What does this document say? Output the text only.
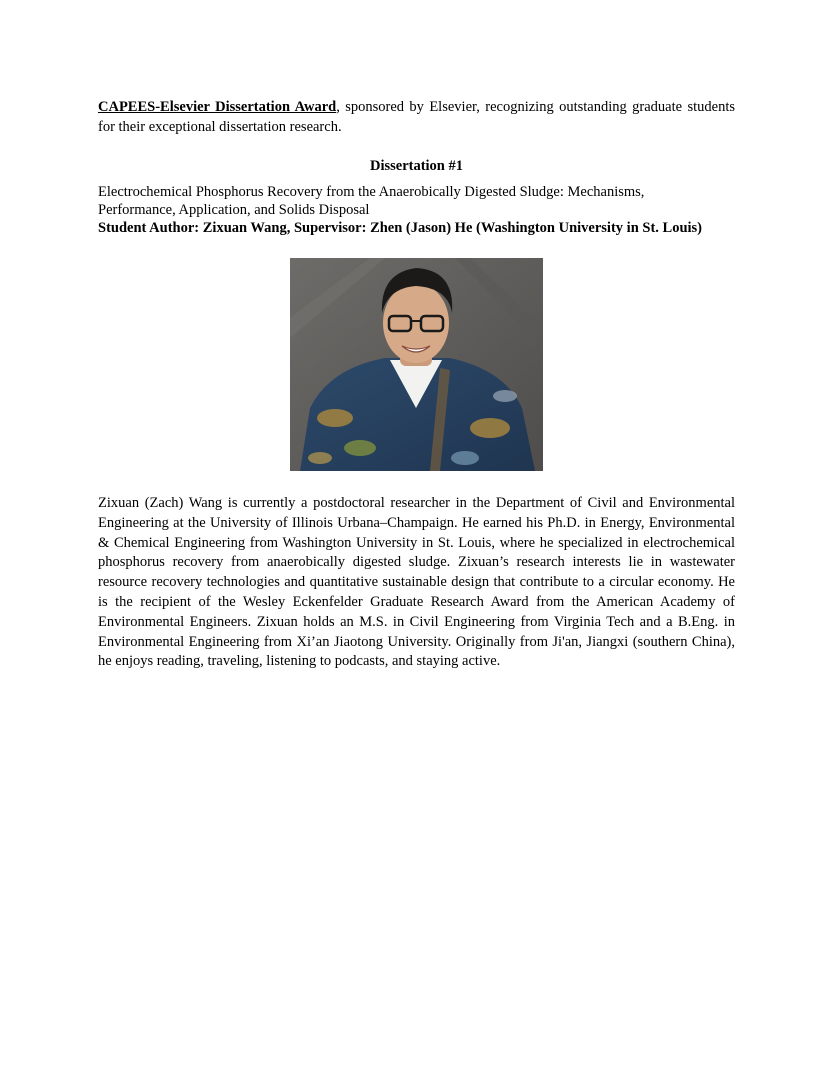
CAPEES-Elsevier Dissertation Award, sponsored by Elsevier, recognizing outstanding graduate students for their exceptional dissertation research.

Dissertation #1

Electrochemical Phosphorus Recovery from the Anaerobically Digested Sludge: Mechanisms, Performance, Application, and Solids Disposal

Student Author: Zixuan Wang, Supervisor: Zhen (Jason) He (Washington University in St. Louis)

Zixuan (Zach) Wang is currently a postdoctoral researcher in the Department of Civil and Environmental Engineering at the University of Illinois Urbana–Champaign. He earned his Ph.D. in Energy, Environmental & Chemical Engineering from Washington University in St. Louis, where he specialized in electrochemical phosphorus recovery from anaerobically digested sludge. Zixuan’s research interests lie in wastewater resource recovery technologies and quantitative sustainable design that contribute to a circular economy. He is the recipient of the Wesley Eckenfelder Graduate Research Award from the American Academy of Environmental Engineers. Zixuan holds an M.S. in Civil Engineering from Virginia Tech and a B.Eng. in Environmental Engineering from Xi’an Jiaotong University. Originally from Ji'an, Jiangxi (southern China), he enjoys reading, traveling, listening to podcasts, and staying active.
